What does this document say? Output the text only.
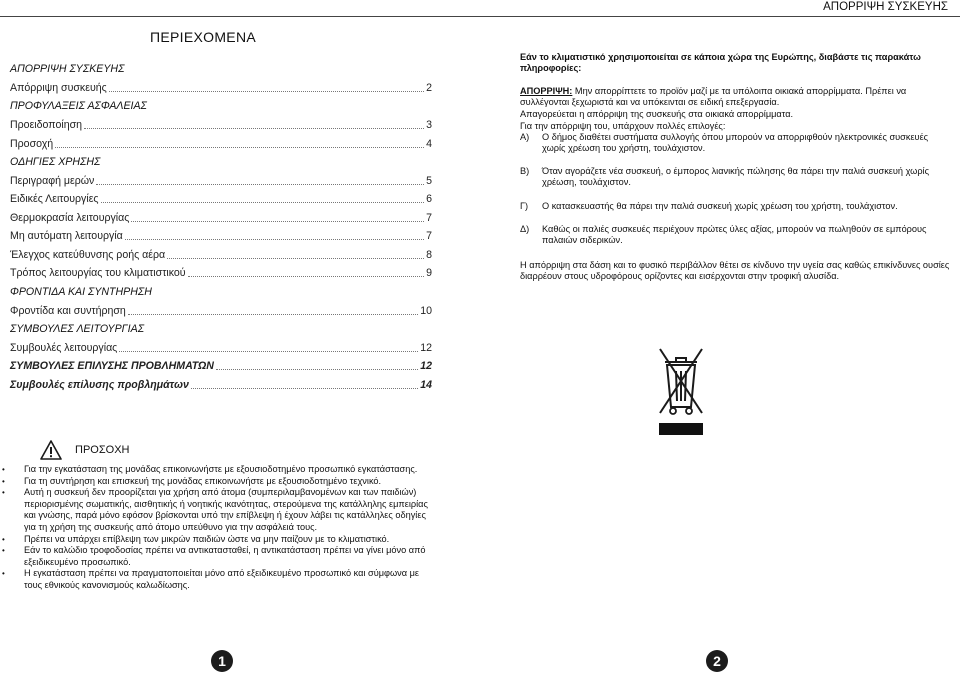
ΑΠΟΡΡΙΨΗ ΣΥΣΚΕΥΗΣ
ΠΕΡΙΕΧΟΜΕΝΑ
ΑΠΟΡΡΙΨΗ ΣΥΣΚΕΥΗΣ
Απόρριψη συσκευής	2
ΠΡΟΦΥΛΑΞΕΙΣ ΑΣΦΑΛΕΙΑΣ
Προειδοποίηση	3
Προσοχή	4
ΟΔΗΓΙΕΣ ΧΡΗΣΗΣ
Περιγραφή μερών	5
Ειδικές Λειτουργίες	6
Θερμοκρασία λειτουργίας	7
Μη αυτόματη λειτουργία	7
Έλεγχος κατεύθυνσης ροής αέρα	8
Τρόπος λειτουργίας του κλιματιστικού	9
ΦΡΟΝΤΙΔΑ ΚΑΙ ΣΥΝΤΗΡΗΣΗ
Φροντίδα και συντήρηση	10
ΣΥΜΒΟΥΛΕΣ ΛΕΙΤΟΥΡΓΙΑΣ
Συμβουλές λειτουργίας	12
ΣΥΜΒΟΥΛΕΣ ΕΠΙΛΥΣΗΣ ΠΡΟΒΛΗΜΑΤΩΝ	12
Συμβουλές επίλυσης προβλημάτων	14
Εάν το κλιματιστικό χρησιμοποιείται σε κάποια χώρα της Ευρώπης, διαβάστε τις παρακάτω πληροφορίες:
ΑΠΟΡΡΙΨΗ: Μην απορρίπτετε το προϊόν μαζί με τα υπόλοιπα οικιακά απορρίμματα. Πρέπει να συλλέγονται ξεχωριστά και να υπόκεινται σε ειδική επεξεργασία.
Απαγορεύεται η απόρριψη της συσκευής στα οικιακά απορρίμματα.
Για την απόρριψη του, υπάρχουν πολλές επιλογές:
Α)	Ο δήμος διαθέτει συστήματα συλλογής όπου μπορούν να απορριφθούν ηλεκτρονικές συσκευές χωρίς χρέωση του χρήστη, τουλάχιστον.
Β)	Όταν αγοράζετε νέα συσκευή, ο έμπορος λιανικής πώλησης θα πάρει την παλιά συσκευή χωρίς χρέωση, τουλάχιστον.
Γ)	Ο κατασκευαστής θα πάρει την παλιά συσκευή χωρίς χρέωση του χρήστη, τουλάχιστον.
Δ)	Καθώς οι παλιές συσκευές περιέχουν πρώτες ύλες αξίας, μπορούν να πωληθούν σε εμπόρους παλαιών σιδερικών.
Η απόρριψη στα δάση και το φυσικό περιβάλλον θέτει σε κίνδυνο την υγεία σας καθώς επικίνδυνες ουσίες διαρρέουν στους υδροφόρους ορίζοντες και εισέρχονται στην τροφική αλυσίδα.
ΠΡΟΣΟΧΗ
• Για την εγκατάσταση της μονάδας επικοινωνήστε με εξουσιοδοτημένο προσωπικό εγκατάστασης.
• Για τη συντήρηση και επισκευή της μονάδας επικοινωνήστε με εξουσιοδοτημένο τεχνικό.
• Αυτή η συσκευή δεν προορίζεται για χρήση από άτομα (συμπεριλαμβανομένων και των παιδιών) περιορισμένης σωματικής, αισθητικής ή νοητικής ικανότητας, στερούμενα της κατάλληλης εμπειρίας και γνώσης, παρά μόνο εφόσον βρίσκονται υπό την επίβλεψη ή έχουν λάβει τις κατάλληλες οδηγίες για τη χρήση της συσκευής από άτομο υπεύθυνο για την ασφάλειά τους.
• Πρέπει να υπάρχει επίβλεψη των μικρών παιδιών ώστε να μην παίζουν με το κλιματιστικό.
• Εάν το καλώδιο τροφοδοσίας πρέπει να αντικατασταθεί, η αντικατάσταση πρέπει να γίνει μόνο από εξειδικευμένο προσωπικό.
• Η εγκατάσταση πρέπει να πραγματοποιείται μόνο από εξειδικευμένο προσωπικό και σύμφωνα με τους εθνικούς κανονισμούς καλωδίωσης.
1	2
